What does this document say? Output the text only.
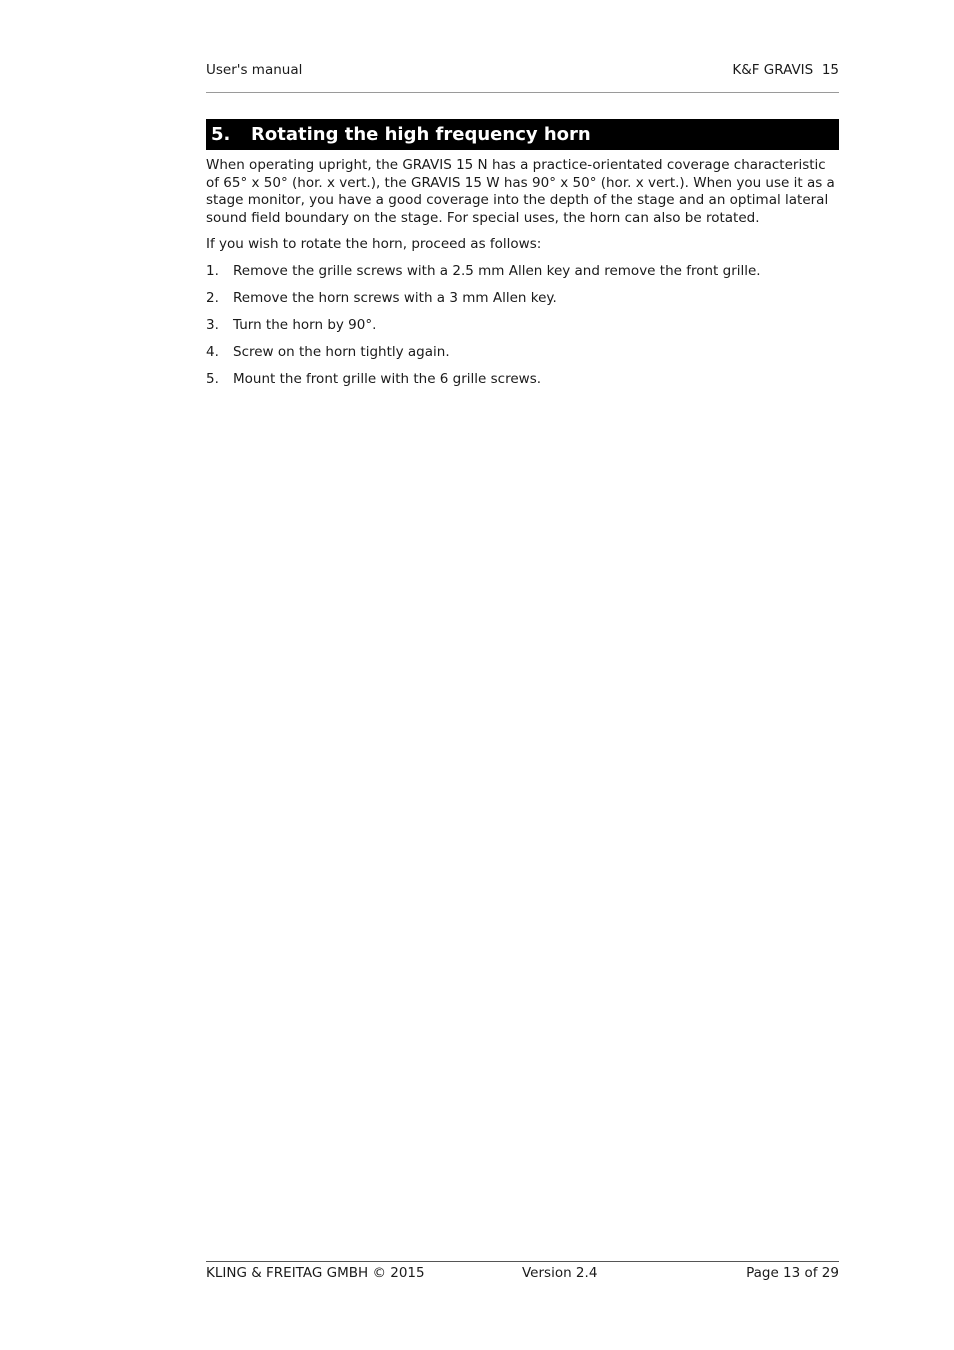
User's manual	K&F GRAVIS  15
5. Rotating the high frequency horn

When operating upright, the GRAVIS 15 N has a practice-orientated coverage characteristic of 65° x 50° (hor. x vert.), the GRAVIS 15 W has 90° x 50° (hor. x vert.). When you use it as a stage monitor, you have a good coverage into the depth of the stage and an optimal lateral sound field boundary on the stage. For special uses, the horn can also be rotated.

If you wish to rotate the horn, proceed as follows:

1. Remove the grille screws with a 2.5 mm Allen key and remove the front grille.
2. Remove the horn screws with a 3 mm Allen key.
3. Turn the horn by 90°.
4. Screw on the horn tightly again.
5. Mount the front grille with the 6 grille screws.
KLING & FREITAG GMBH © 2015	Version 2.4	Page 13 of 29
